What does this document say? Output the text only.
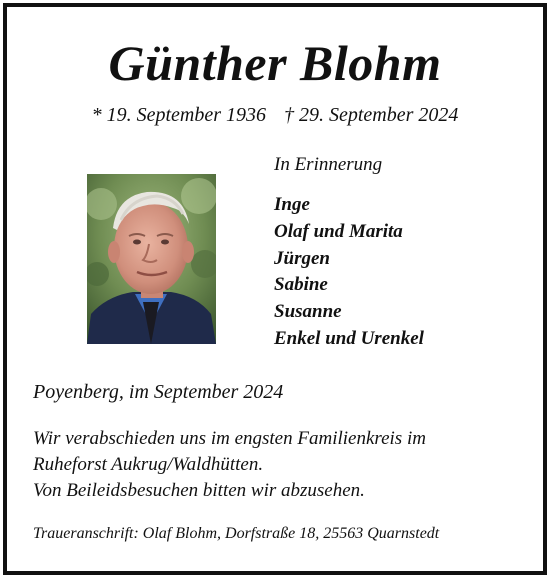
Günther Blohm
* 19. September 1936 † 29. September 2024
In Erinnerung
Inge
Olaf und Marita
Jürgen
Sabine
Susanne
Enkel und Urenkel
Poyenberg, im September 2024
Wir verabschieden uns im engsten Familienkreis im
Ruheforst Aukrug/Waldhütten.
Von Beileidsbesuchen bitten wir abzusehen.
Traueranschrift: Olaf Blohm, Dorfstraße 18, 25563 Quarnstedt
